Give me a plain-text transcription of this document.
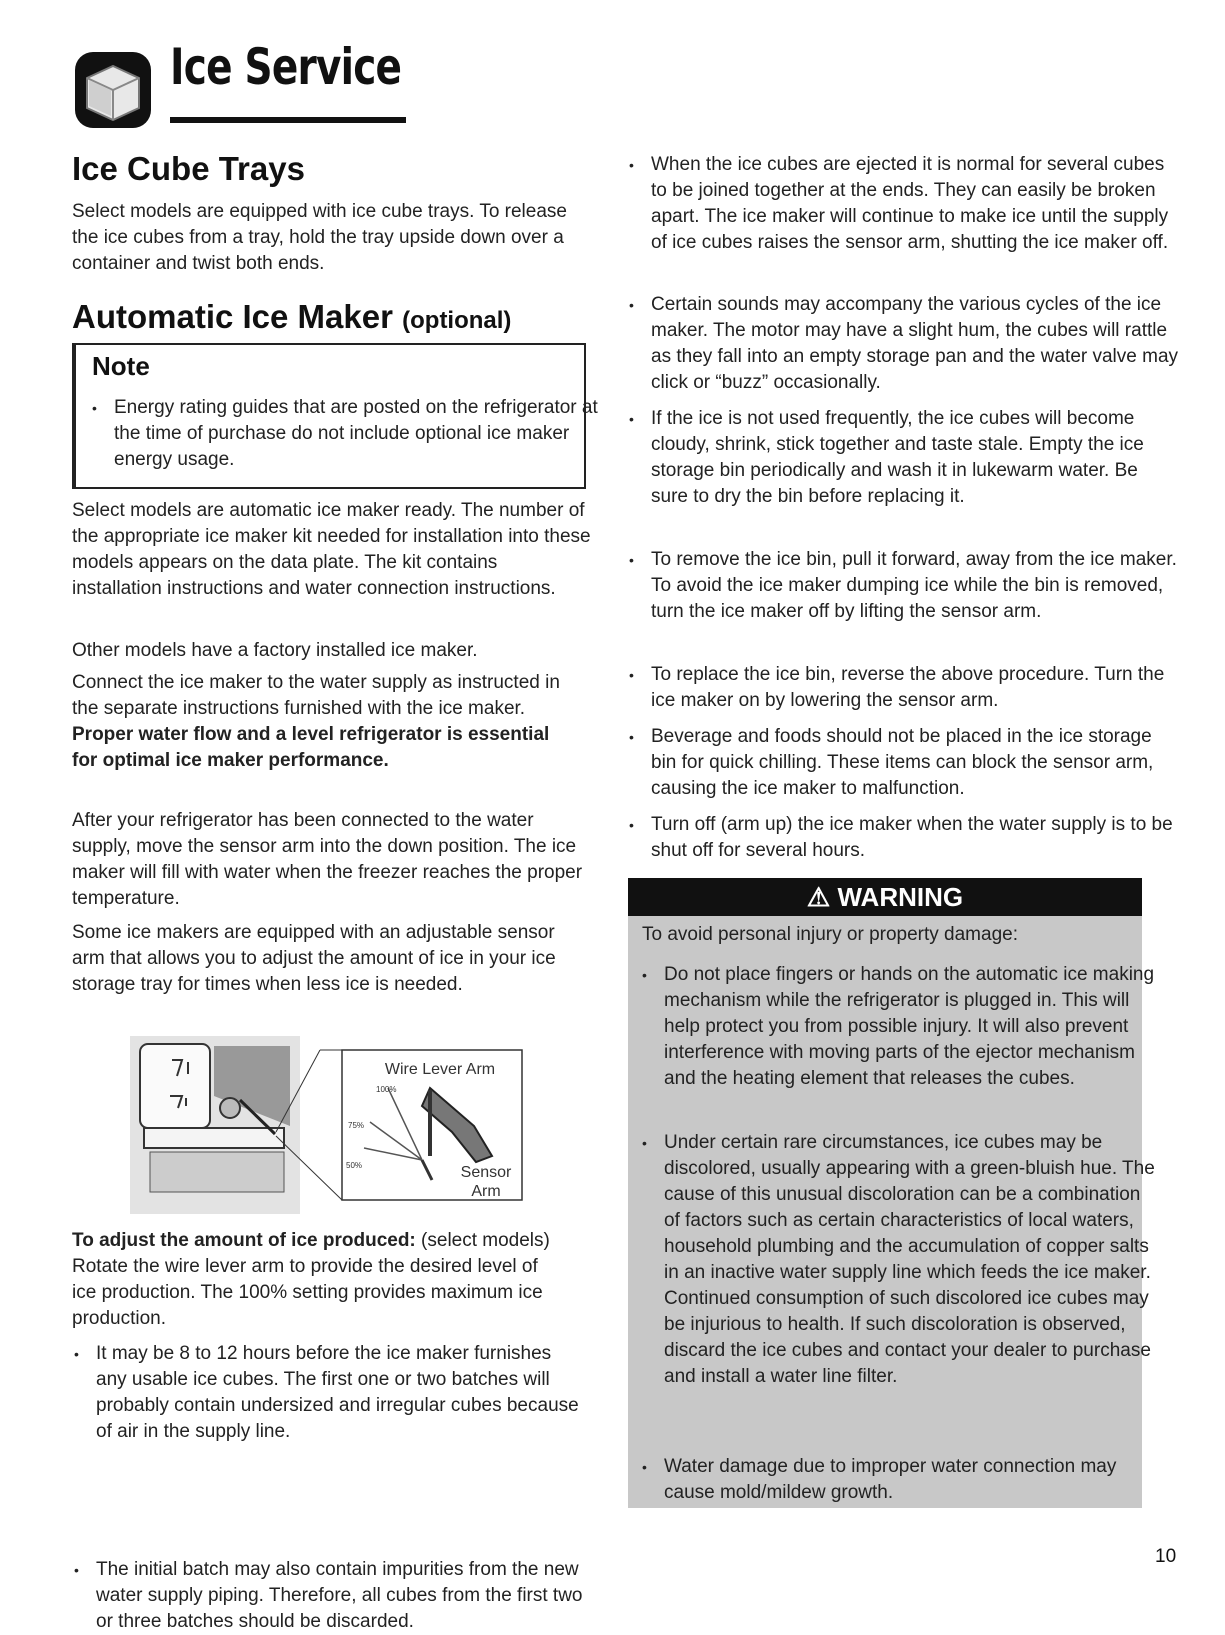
Ice Service
Ice Cube Trays

Select models are equipped with ice cube trays. To release the ice cubes from a tray, hold the tray upside down over a container and twist both ends.

Automatic Ice Maker (optional)
Note

• Energy rating guides that are posted on the refrigerator at the time of purchase do not include optional ice maker energy usage.

Select models are automatic ice maker ready. The number of the appropriate ice maker kit needed for installation into these models appears on the data plate. The kit contains installation instructions and water connection instructions.

Other models have a factory installed ice maker.

Connect the ice maker to the water supply as instructed in the separate instructions furnished with the ice maker. Proper water flow and a level refrigerator is essential for optimal ice maker performance.

After your refrigerator has been connected to the water supply, move the sensor arm into the down position. The ice maker will fill with water when the freezer reaches the proper temperature.

Some ice makers are equipped with an adjustable sensor arm that allows you to adjust the amount of ice in your ice storage tray for times when less ice is needed.

Wire Lever Arm
100%
75%
50%	Sensor
Arm

To adjust the amount of ice produced: (select models) Rotate the wire lever arm to provide the desired level of ice production. The 100% setting provides maximum ice production.

• It may be 8 to 12 hours before the ice maker furnishes any usable ice cubes. The first one or two batches will probably contain undersized and irregular cubes because of air in the supply line.

• The initial batch may also contain impurities from the new water supply piping. Therefore, all cubes from the first two or three batches should be discarded.

• When the ice cubes are ejected it is normal for several cubes to be joined together at the ends. They can easily be broken apart. The ice maker will continue to make ice until the supply of ice cubes raises the sensor arm, shutting the ice maker off.

• Certain sounds may accompany the various cycles of the ice maker. The motor may have a slight hum, the cubes will rattle as they fall into an empty storage pan and the water valve may click or “buzz” occasionally.

• If the ice is not used frequently, the ice cubes will become cloudy, shrink, stick together and taste stale. Empty the ice storage bin periodically and wash it in lukewarm water. Be sure to dry the bin before replacing it.

• To remove the ice bin, pull it forward, away from the ice maker. To avoid the ice maker dumping ice while the bin is removed, turn the ice maker off by lifting the sensor arm.

• To replace the ice bin, reverse the above procedure. Turn the ice maker on by lowering the sensor arm.

• Beverage and foods should not be placed in the ice storage bin for quick chilling. These items can block the sensor arm, causing the ice maker to malfunction.

• Turn off (arm up) the ice maker when the water supply is to be shut off for several hours.

⚠ WARNING

To avoid personal injury or property damage:

• Do not place fingers or hands on the automatic ice making mechanism while the refrigerator is plugged in. This will help protect you from possible injury. It will also prevent interference with moving parts of the ejector mechanism and the heating element that releases the cubes.

• Under certain rare circumstances, ice cubes may be discolored, usually appearing with a green-bluish hue. The cause of this unusual discoloration can be a combination of factors such as certain characteristics of local waters, household plumbing and the accumulation of copper salts in an inactive water supply line which feeds the ice maker. Continued consumption of such discolored ice cubes may be injurious to health. If such discoloration is observed, discard the ice cubes and contact your dealer to purchase and install a water line filter.

• Water damage due to improper water connection may cause mold/mildew growth.

10
